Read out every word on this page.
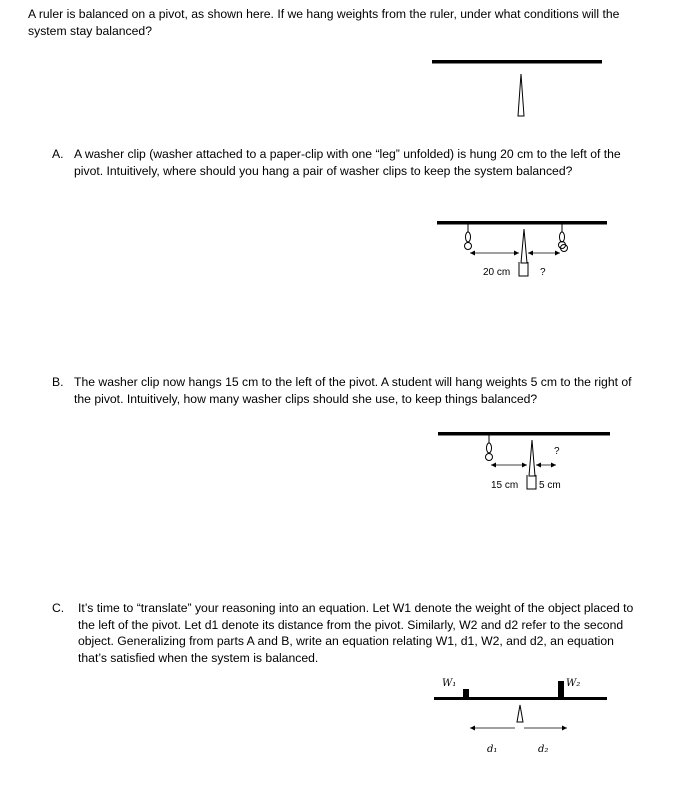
A ruler is balanced on a pivot, as shown here. If we hang weights from the ruler, under what conditions will the system stay balanced?
A. A washer clip (washer attached to a paper-clip with one “leg” unfolded) is hung 20 cm to the left of the pivot. Intuitively, where should you hang a pair of washer clips to keep the system balanced?
20 cm	?
B. The washer clip now hangs 15 cm to the left of the pivot. A student will hang weights 5 cm to the right of the pivot. Intuitively, how many washer clips should she use, to keep things balanced?
?
15 cm 5 cm
C. It’s time to “translate” your reasoning into an equation. Let W1 denote the weight of the object placed to the left of the pivot. Let d1 denote its distance from the pivot. Similarly, W2 and d2 refer to the second object. Generalizing from parts A and B, write an equation relating W1, d1, W2, and d2, an equation that’s satisfied when the system is balanced.
W₁	W₂
d₁	d₂
